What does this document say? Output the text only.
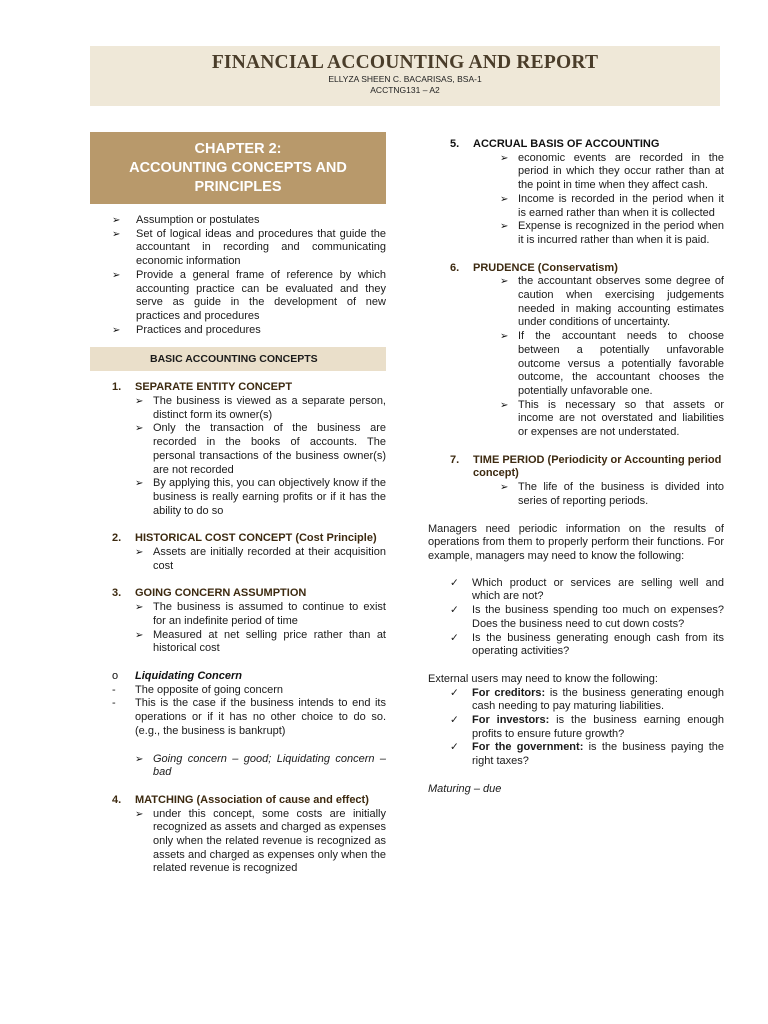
FINANCIAL ACCOUNTING AND REPORT
ELLYZA SHEEN C. BACARISAS, BSA-1
ACCTNG131 – A2
CHAPTER 2:
ACCOUNTING CONCEPTS AND
PRINCIPLES
➢ Assumption or postulates
➢ Set of logical ideas and procedures that guide the accountant in recording and communicating economic information
➢ Provide a general frame of reference by which accounting practice can be evaluated and they serve as guide in the development of new practices and procedures
➢ Practices and procedures
BASIC ACCOUNTING CONCEPTS
1. SEPARATE ENTITY CONCEPT
➢ The business is viewed as a separate person, distinct form its owner(s)
➢ Only the transaction of the business are recorded in the books of accounts. The personal transactions of the business owner(s) are not recorded
➢ By applying this, you can objectively know if the business is really earning profits or if it has the ability to do so
2. HISTORICAL COST CONCEPT (Cost Principle)
➢ Assets are initially recorded at their acquisition cost
3. GOING CONCERN ASSUMPTION
➢ The business is assumed to continue to exist for an indefinite period of time
➢ Measured at net selling price rather than at historical cost
o Liquidating Concern
- The opposite of going concern
- This is the case if the business intends to end its operations or if it has no other choice to do so. (e.g., the business is bankrupt)
➢ Going concern – good; Liquidating concern – bad
4. MATCHING (Association of cause and effect)
➢ under this concept, some costs are initially recognized as assets and charged as expenses only when the related revenue is recognized as assets and charged as expenses only when the related revenue is recognized
5. ACCRUAL BASIS OF ACCOUNTING
➢ economic events are recorded in the period in which they occur rather than at the point in time when they affect cash.
➢ Income is recorded in the period when it is earned rather than when it is collected
➢ Expense is recognized in the period when it is incurred rather than when it is paid.
6. PRUDENCE (Conservatism)
➢ the accountant observes some degree of caution when exercising judgements needed in making accounting estimates under conditions of uncertainty.
➢ If the accountant needs to choose between a potentially unfavorable outcome versus a potentially favorable outcome, the accountant chooses the potentially unfavorable one.
➢ This is necessary so that assets or income are not overstated and liabilities or expenses are not understated.
7. TIME PERIOD (Periodicity or Accounting period concept)
➢ The life of the business is divided into series of reporting periods.
Managers need periodic information on the results of operations from them to properly perform their functions. For example, managers may need to know the following:
✓ Which product or services are selling well and which are not?
✓ Is the business spending too much on expenses? Does the business need to cut down costs?
✓ Is the business generating enough cash from its operating activities?
External users may need to know the following:
✓ For creditors: is the business generating enough cash needing to pay maturing liabilities.
✓ For investors: is the business earning enough profits to ensure future growth?
✓ For the government: is the business paying the right taxes?
Maturing – due
